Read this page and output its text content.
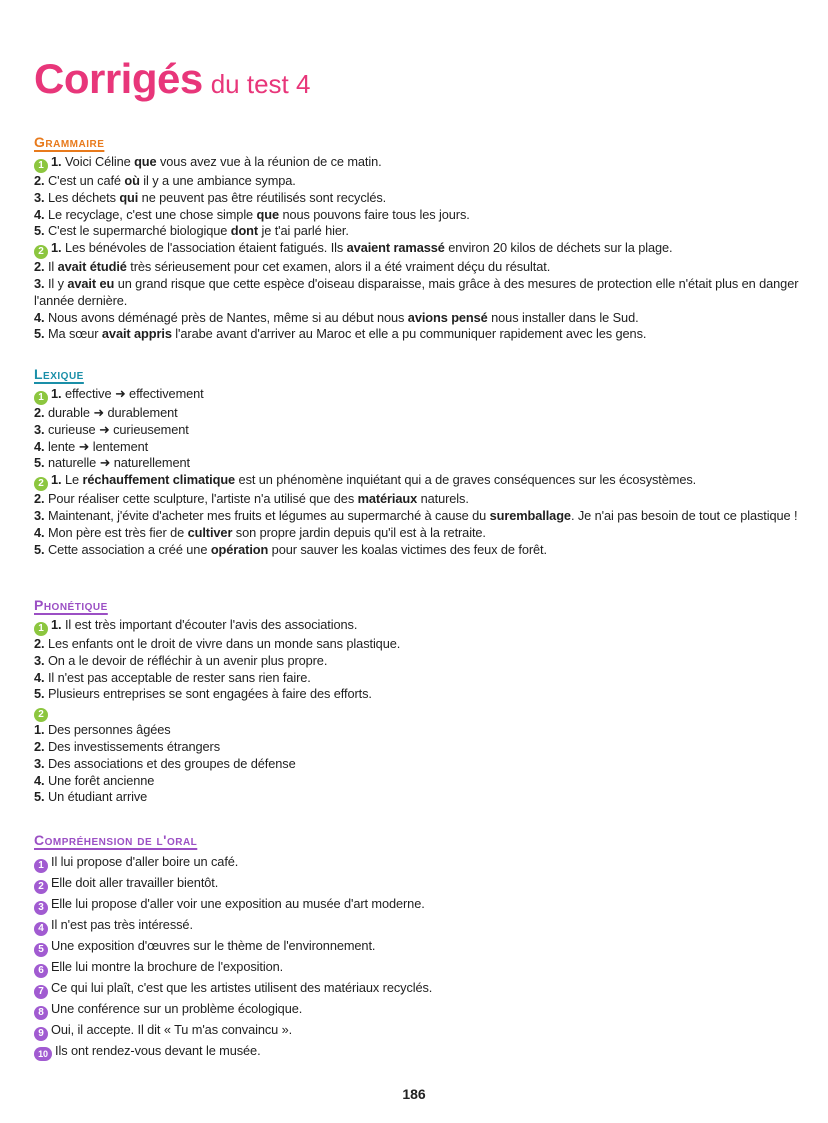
Corrigés du test 4
Grammaire
1 1. Voici Céline que vous avez vue à la réunion de ce matin.
2. C'est un café où il y a une ambiance sympa.
3. Les déchets qui ne peuvent pas être réutilisés sont recyclés.
4. Le recyclage, c'est une chose simple que nous pouvons faire tous les jours.
5. C'est le supermarché biologique dont je t'ai parlé hier.
2 1. Les bénévoles de l'association étaient fatigués. Ils avaient ramassé environ 20 kilos de déchets sur la plage.
2. Il avait étudié très sérieusement pour cet examen, alors il a été vraiment déçu du résultat.
3. Il y avait eu un grand risque que cette espèce d'oiseau disparaisse, mais grâce à des mesures de protection elle n'était plus en danger l'année dernière.
4. Nous avons déménagé près de Nantes, même si au début nous avions pensé nous installer dans le Sud.
5. Ma sœur avait appris l'arabe avant d'arriver au Maroc et elle a pu communiquer rapidement avec les gens.
Lexique
1 1. effective ➜ effectivement
2. durable ➜ durablement
3. curieuse ➜ curieusement
4. lente ➜ lentement
5. naturelle ➜ naturellement
2 1. Le réchauffement climatique est un phénomène inquiétant qui a de graves conséquences sur les écosystèmes.
2. Pour réaliser cette sculpture, l'artiste n'a utilisé que des matériaux naturels.
3. Maintenant, j'évite d'acheter mes fruits et légumes au supermarché à cause du suremballage. Je n'ai pas besoin de tout ce plastique !
4. Mon père est très fier de cultiver son propre jardin depuis qu'il est à la retraite.
5. Cette association a créé une opération pour sauver les koalas victimes des feux de forêt.
Phonétique
1 1. Il est très important d'écouter l'avis des associations.
2. Les enfants ont le droit de vivre dans un monde sans plastique.
3. On a le devoir de réfléchir à un avenir plus propre.
4. Il n'est pas acceptable de rester sans rien faire.
5. Plusieurs entreprises se sont engagées à faire des efforts.
2
1. Des personnes âgées
2. Des investissements étrangers
3. Des associations et des groupes de défense
4. Une forêt ancienne
5. Un étudiant arrive
Compréhension de l'oral
1 Il lui propose d'aller boire un café.
2 Elle doit aller travailler bientôt.
3 Elle lui propose d'aller voir une exposition au musée d'art moderne.
4 Il n'est pas très intéressé.
5 Une exposition d'œuvres sur le thème de l'environnement.
6 Elle lui montre la brochure de l'exposition.
7 Ce qui lui plaît, c'est que les artistes utilisent des matériaux recyclés.
8 Une conférence sur un problème écologique.
9 Oui, il accepte. Il dit « Tu m'as convaincu ».
10 Ils ont rendez-vous devant le musée.
186
